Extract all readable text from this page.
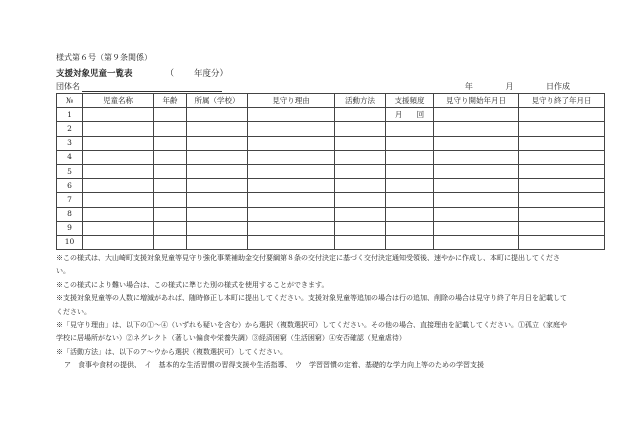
様式第６号（第９条関係）
支援対象児童一覧表	（ 年度分）
団体名	年	月	日作成
№	児童名称	年齢	所属（学校）	見守り理由	活動方法	支援頻度	見守り開始年月日	見守り終了年月日
1						月 回		
2								
3								
4								
5								
6								
7								
8								
9								
10								

※この様式は、大山崎町支援対象児童等見守り強化事業補助金交付要綱第８条の交付決定に基づく交付決定通知受領後、速やかに作成し、本町に提出してくださ

い。

※この様式により難い場合は、この様式に準じた別の様式を使用することができます。

※支援対象児童等の人数に増減があれば、随時修正し本町に提出してください。支援対象児童等追加の場合は行の追加、削除の場合は見守り終了年月日を記載して

ください。

※「見守り理由」は、以下の①～④（いずれも疑いを含む）から選択（複数選択可）してください。その他の場合、直接理由を記載してください。①孤立（家庭や

学校に居場所がない）②ネグレクト（著しい偏食や栄養失調）③経済困窮（生活困窮）④安否確認（児童虐待）

※「活動方法」は、以下のア～ウから選択（複数選択可）してください。

ア　食事や食材の提供、　イ　基本的な生活習慣の習得支援や生活指導、　ウ　学習習慣の定着、基礎的な学力向上等のための学習支援
